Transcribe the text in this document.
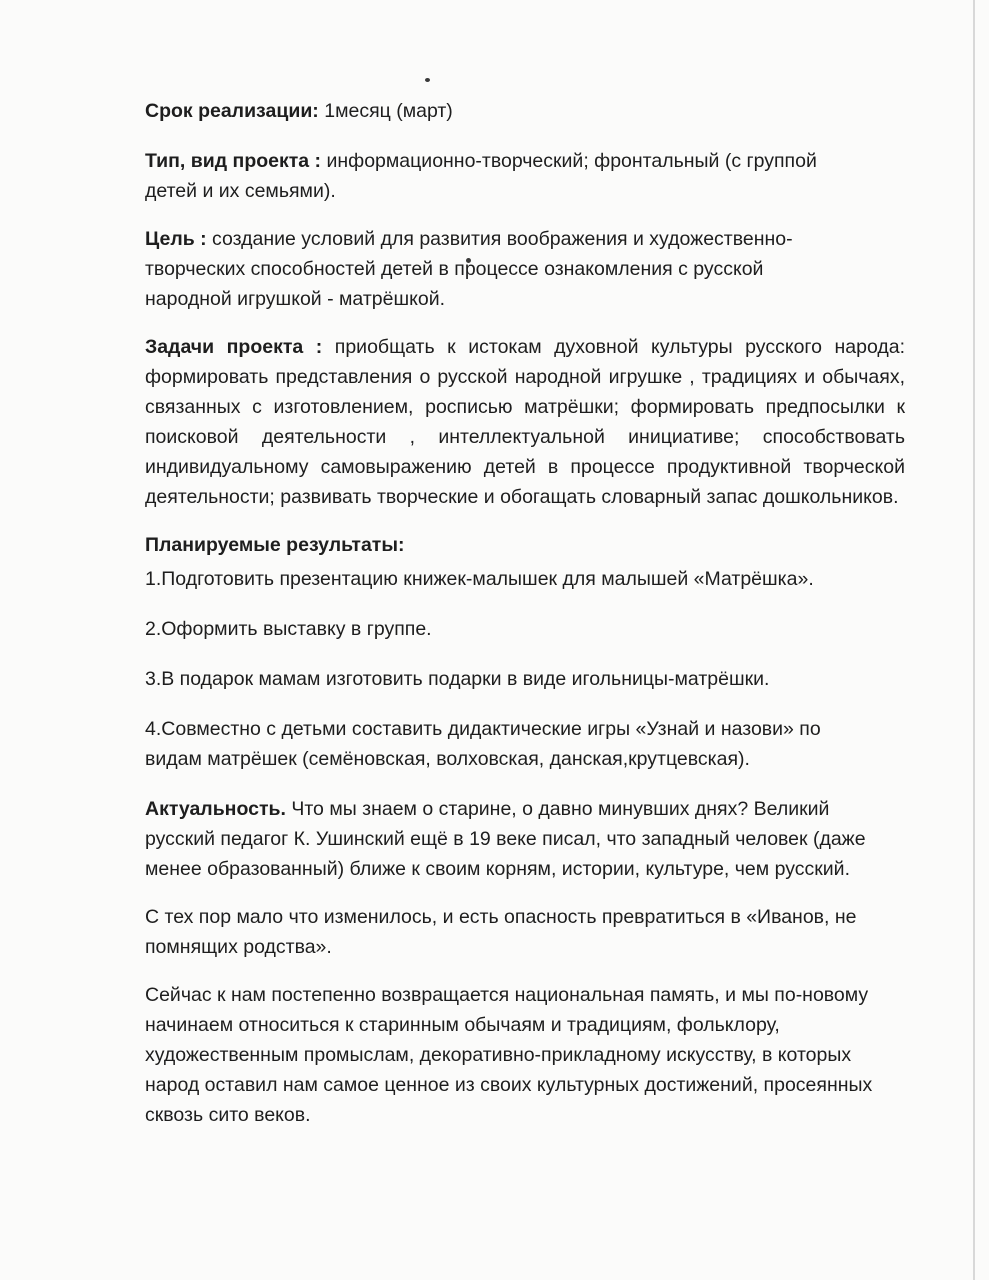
Срок реализации: 1месяц (март)

Тип, вид проекта : информационно-творческий; фронтальный (с группой детей и их семьями).

Цель : создание условий для развития воображения и художественно-творческих способностей детей в процессе ознакомления с русской народной игрушкой - матрёшкой.

Задачи проекта : приобщать к истокам духовной культуры русского народа: формировать представления о русской народной игрушке , традициях и обычаях, связанных с изготовлением, росписью матрёшки; формировать предпосылки к поисковой деятельности , интеллектуальной инициативе; способствовать индивидуальному самовыражению детей в процессе продуктивной творческой деятельности; развивать творческие и обогащать словарный запас дошкольников.

Планируемые результаты:

1.Подготовить презентацию книжек-малышек для малышей «Матрёшка».

2.Оформить выставку в группе.

3.В подарок мамам изготовить подарки в виде игольницы-матрёшки.

4.Совместно с детьми составить дидактические игры «Узнай и назови» по видам матрёшек (семёновская, волховская, данская,крутцевская).

Актуальность. Что мы знаем о старине, о давно минувших днях? Великий русский педагог К. Ушинский ещё в 19 веке писал, что западный человек (даже менее образованный) ближе к своим корням, истории, культуре, чем русский.

С тех пор мало что изменилось, и есть опасность превратиться в «Иванов, не помнящих родства».

Сейчас к нам постепенно возвращается национальная память, и мы по-новому начинаем относиться к старинным обычаям и традициям, фольклору, художественным промыслам, декоративно-прикладному искусству, в которых народ оставил нам самое ценное из своих культурных достижений, просеянных сквозь сито веков.
